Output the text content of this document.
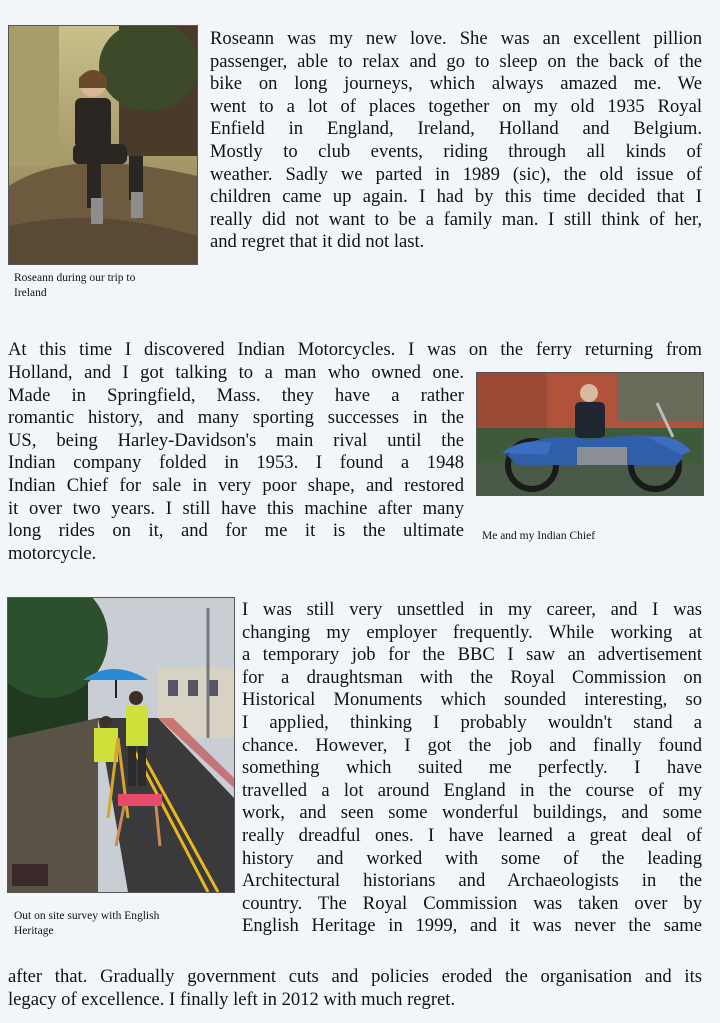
Roseann during our trip to
Ireland
Roseann was my new love. She was an excellent pillion
passenger, able to relax and go to sleep on the back of the
bike on long journeys, which always amazed me. We
went to a lot of places together on my old 1935 Royal
Enfield in England, Ireland, Holland and Belgium.
Mostly to club events, riding through all kinds of
weather. Sadly we parted in 1989 (sic), the old issue of
children came up again. I had by this time decided that I
really did not want to be a family man. I still think of her,
and regret that it did not last.
At this time I discovered Indian Motorcycles. I was on the ferry returning from
Holland, and I got talking to a man who owned one.
Made in Springfield, Mass. they have a rather
romantic history, and many sporting successes in the
US, being Harley-Davidson's main rival until the
Indian company folded in 1953. I found a 1948
Indian Chief for sale in very poor shape, and restored
it over two years. I still have this machine after many
long rides on it, and for me it is the ultimate
motorcycle.
Me and my Indian Chief
Out on site survey with English
Heritage
I was still very unsettled in my career, and I was
changing my employer frequently. While working at
a temporary job for the BBC I saw an advertisement
for a draughtsman with the Royal Commission on
Historical Monuments which sounded interesting, so
I applied, thinking I probably wouldn't stand a
chance. However, I got the job and finally found
something which suited me perfectly. I have
travelled a lot around England in the course of my
work, and seen some wonderful buildings, and some
really dreadful ones. I have learned a great deal of
history and worked with some of the leading
Architectural historians and Archaeologists in the
country. The Royal Commission was taken over by
English Heritage in 1999, and it was never the same
after that. Gradually government cuts and policies eroded the organisation and its
legacy of excellence. I finally left in 2012 with much regret.
